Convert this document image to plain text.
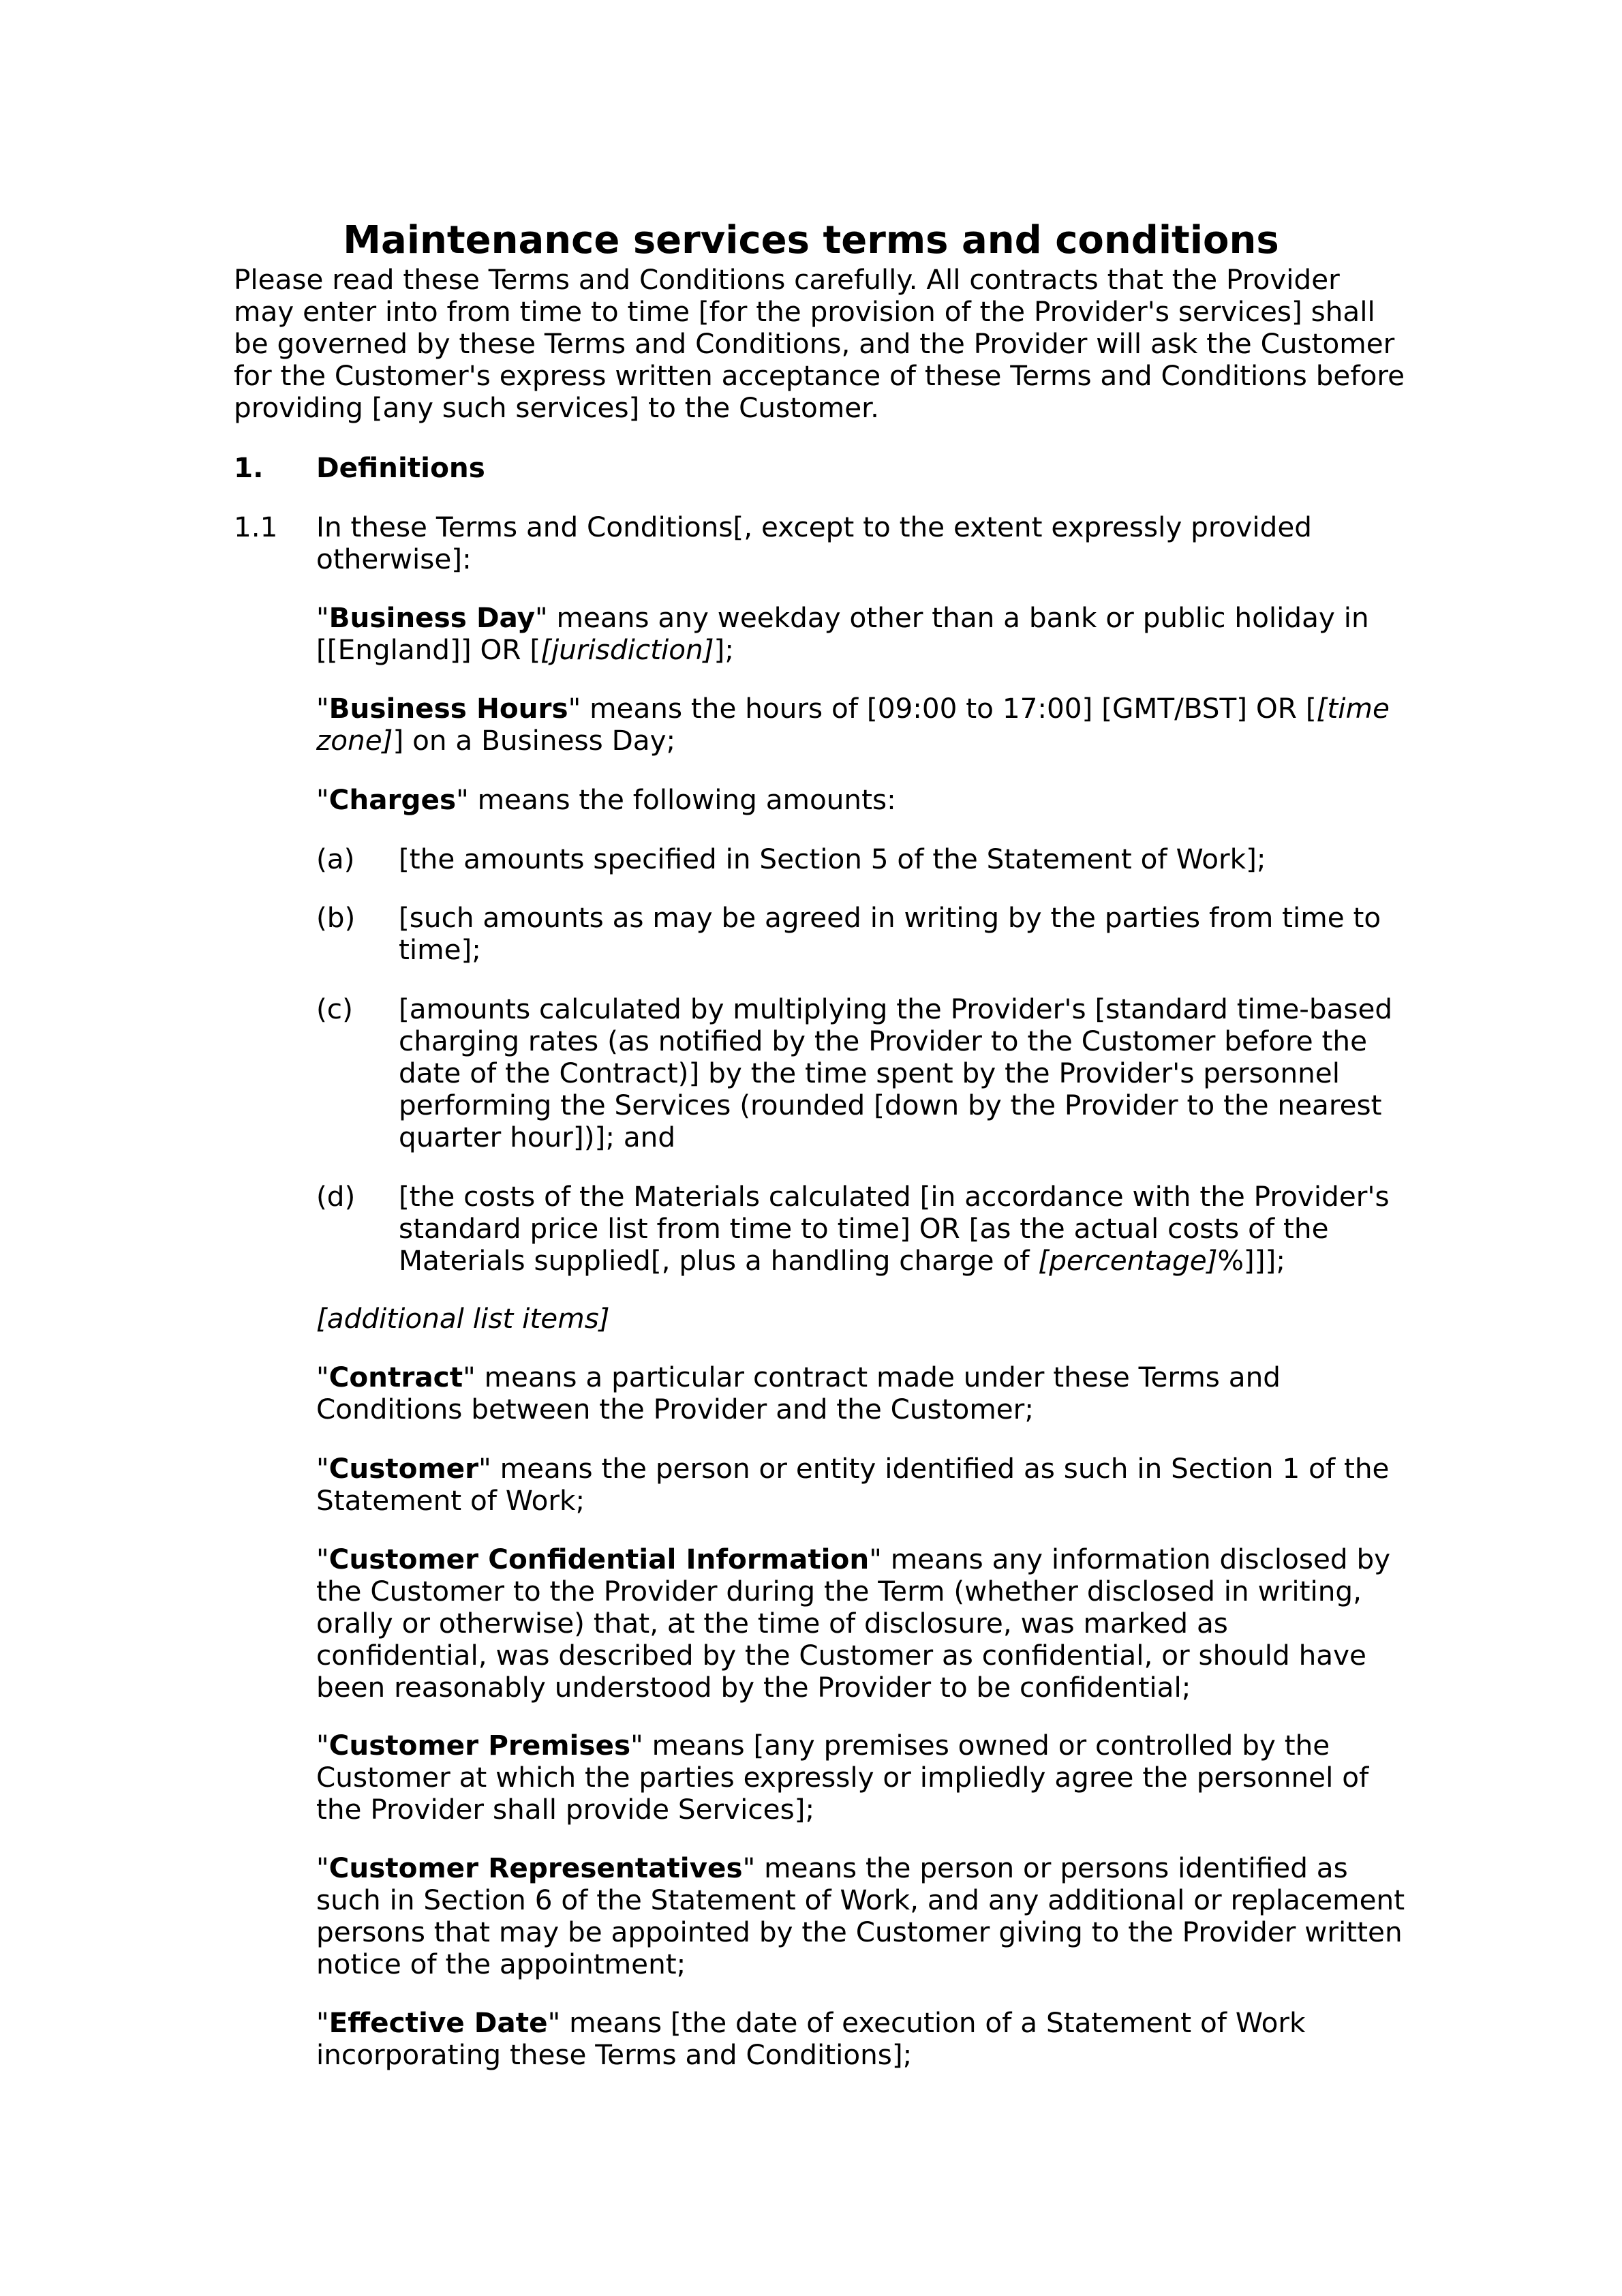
Maintenance services terms and conditions

Please read these Terms and Conditions carefully. All contracts that the Provider may enter into from time to time [for the provision of the Provider's services] shall be governed by these Terms and Conditions, and the Provider will ask the Customer for the Customer's express written acceptance of these Terms and Conditions before providing [any such services] to the Customer.

1. Definitions

1.1 In these Terms and Conditions[, except to the extent expressly provided otherwise]:

"Business Day" means any weekday other than a bank or public holiday in [[England]] OR [[jurisdiction]];

"Business Hours" means the hours of [09:00 to 17:00] [GMT/BST] OR [[time zone]] on a Business Day;

"Charges" means the following amounts:

(a) [the amounts specified in Section 5 of the Statement of Work];

(b) [such amounts as may be agreed in writing by the parties from time to time];

(c) [amounts calculated by multiplying the Provider's [standard time-based charging rates (as notified by the Provider to the Customer before the date of the Contract)] by the time spent by the Provider's personnel performing the Services (rounded [down by the Provider to the nearest quarter hour])]; and

(d) [the costs of the Materials calculated [in accordance with the Provider's standard price list from time to time] OR [as the actual costs of the Materials supplied[, plus a handling charge of [percentage]%]]];

[additional list items]

"Contract" means a particular contract made under these Terms and Conditions between the Provider and the Customer;

"Customer" means the person or entity identified as such in Section 1 of the Statement of Work;

"Customer Confidential Information" means any information disclosed by the Customer to the Provider during the Term (whether disclosed in writing, orally or otherwise) that, at the time of disclosure, was marked as confidential, was described by the Customer as confidential, or should have been reasonably understood by the Provider to be confidential;

"Customer Premises" means [any premises owned or controlled by the Customer at which the parties expressly or impliedly agree the personnel of the Provider shall provide Services];

"Customer Representatives" means the person or persons identified as such in Section 6 of the Statement of Work, and any additional or replacement persons that may be appointed by the Customer giving to the Provider written notice of the appointment;

"Effective Date" means [the date of execution of a Statement of Work incorporating these Terms and Conditions];
